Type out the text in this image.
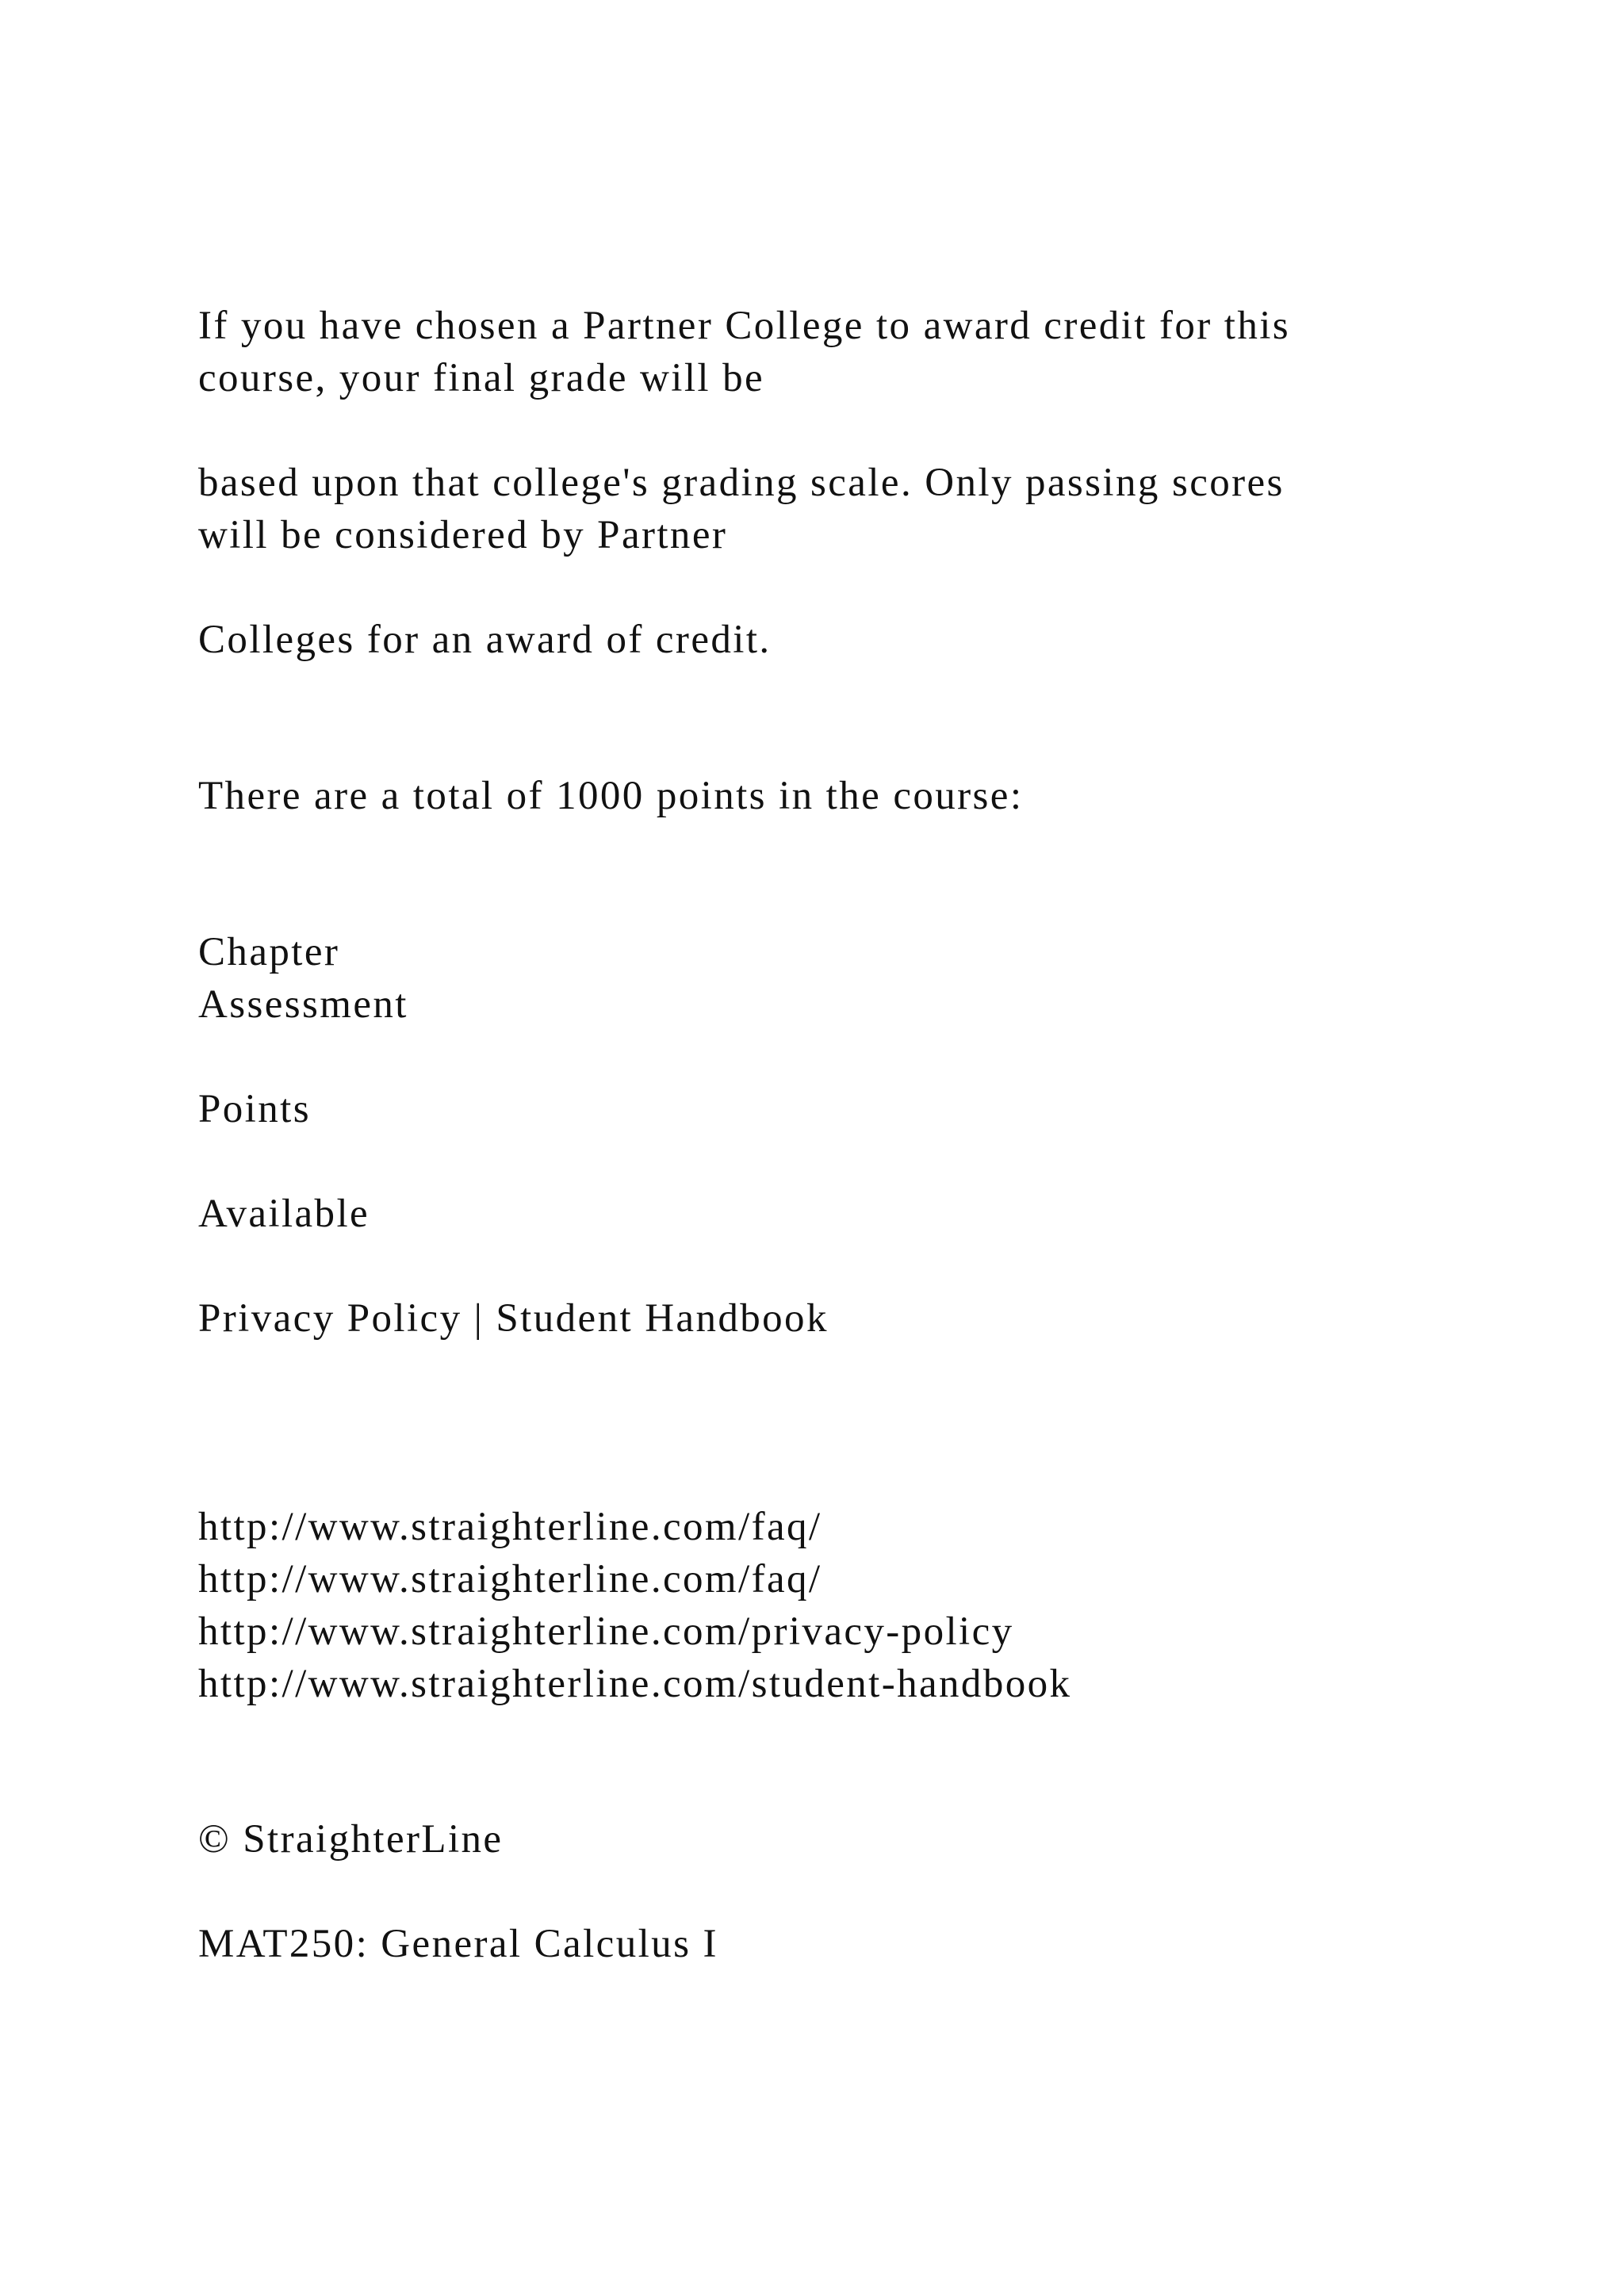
If you have chosen a Partner College to award credit for this

course, your final grade will be

based upon that college's grading scale. Only passing scores

will be considered by Partner

Colleges for an award of credit.

There are a total of 1000 points in the course:

Chapter

Assessment

Points

Available

Privacy Policy | Student Handbook

http://www.straighterline.com/faq/

http://www.straighterline.com/faq/

http://www.straighterline.com/privacy-policy

http://www.straighterline.com/student-handbook

© StraighterLine

MAT250: General Calculus I
